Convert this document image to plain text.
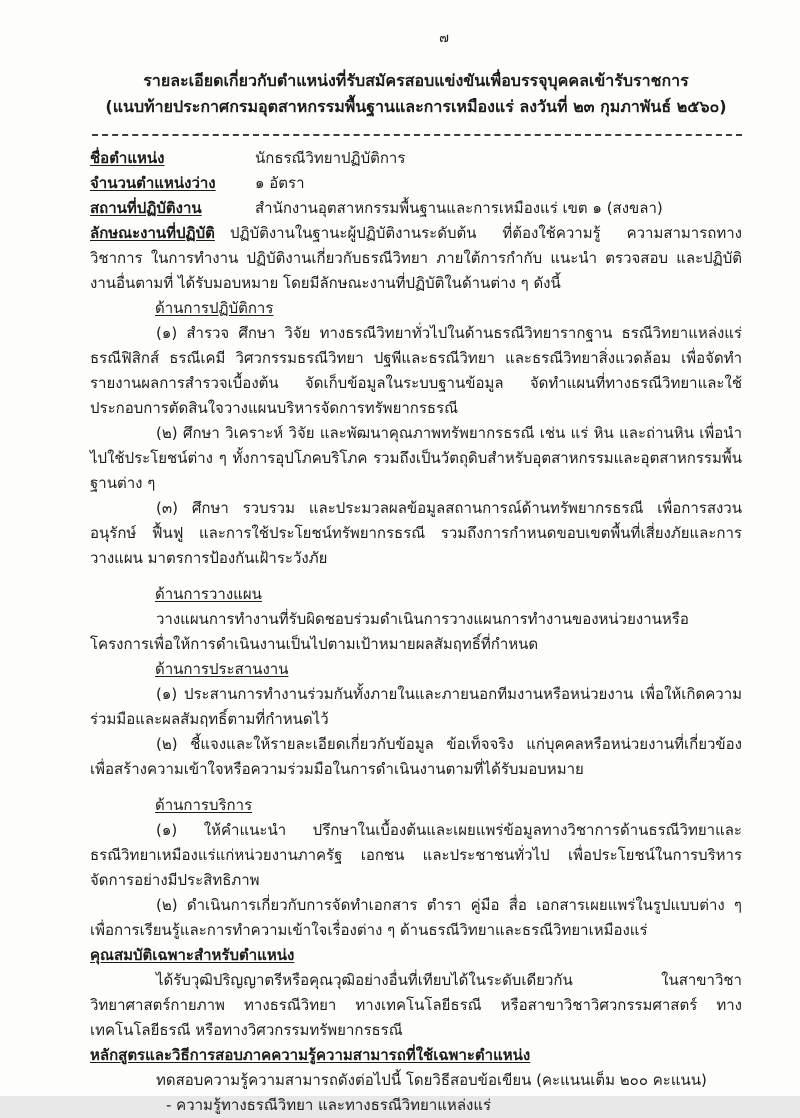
๗

รายละเอียดเกี่ยวกับตำแหน่งที่รับสมัครสอบแข่งขันเพื่อบรรจุบุคคลเข้ารับราชการ

(แนบท้ายประกาศกรมอุตสาหกรรมพื้นฐานและการเหมืองแร่ ลงวันที่ ๒๓ กุมภาพันธ์ ๒๕๖๐)

ชื่อตำแหน่ง	นักธรณีวิทยาปฏิบัติการ
จำนวนตำแหน่งว่าง	๑ อัตรา
สถานที่ปฏิบัติงาน	สำนักงานอุตสาหกรรมพื้นฐานและการเหมืองแร่ เขต ๑ (สงขลา)

ลักษณะงานที่ปฏิบัติ ปฏิบัติงานในฐานะผู้ปฏิบัติงานระดับต้น ที่ต้องใช้ความรู้ ความสามารถทางวิชาการ ในการทำงาน ปฏิบัติงานเกี่ยวกับธรณีวิทยา ภายใต้การกำกับ แนะนำ ตรวจสอบ และปฏิบัติงานอื่นตามที่ ได้รับมอบหมาย โดยมีลักษณะงานที่ปฏิบัติในด้านต่าง ๆ ดังนี้

ด้านการปฏิบัติการ

(๑) สำรวจ ศึกษา วิจัย ทางธรณีวิทยาทั่วไปในด้านธรณีวิทยารากฐาน ธรณีวิทยาแหล่งแร่ ธรณีฟิสิกส์ ธรณีเคมี วิศวกรรมธรณีวิทยา ปฐพีและธรณีวิทยา และธรณีวิทยาสิ่งแวดล้อม เพื่อจัดทำรายงานผลการสำรวจเบื้องต้น จัดเก็บข้อมูลในระบบฐานข้อมูล จัดทำแผนที่ทางธรณีวิทยาและใช้ประกอบการตัดสินใจวางแผนบริหารจัดการทรัพยากรธรณี

(๒) ศึกษา วิเคราะห์ วิจัย และพัฒนาคุณภาพทรัพยากรธรณี เช่น แร่ หิน และถ่านหิน เพื่อนำไปใช้ประโยชน์ต่าง ๆ ทั้งการอุปโภคบริโภค รวมถึงเป็นวัตถุดิบสำหรับอุตสาหกรรมและอุตสาหกรรมพื้นฐานต่าง ๆ

(๓) ศึกษา รวบรวม และประมวลผลข้อมูลสถานการณ์ด้านทรัพยากรธรณี เพื่อการสงวน อนุรักษ์ ฟื้นฟู และการใช้ประโยชน์ทรัพยากรธรณี รวมถึงการกำหนดขอบเขตพื้นที่เสี่ยงภัยและการวางแผน มาตรการป้องกันเฝ้าระวังภัย

ด้านการวางแผน

วางแผนการทำงานที่รับผิดชอบร่วมดำเนินการวางแผนการทำงานของหน่วยงานหรือโครงการเพื่อให้การดำเนินงานเป็นไปตามเป้าหมายผลสัมฤทธิ์ที่กำหนด

ด้านการประสานงาน

(๑) ประสานการทำงานร่วมกันทั้งภายในและภายนอกทีมงานหรือหน่วยงาน เพื่อให้เกิดความร่วมมือและผลสัมฤทธิ์ตามที่กำหนดไว้

(๒) ชี้แจงและให้รายละเอียดเกี่ยวกับข้อมูล ข้อเท็จจริง แก่บุคคลหรือหน่วยงานที่เกี่ยวข้อง เพื่อสร้างความเข้าใจหรือความร่วมมือในการดำเนินงานตามที่ได้รับมอบหมาย

ด้านการบริการ

(๑) ให้คำแนะนำ ปรึกษาในเบื้องต้นและเผยแพร่ข้อมูลทางวิชาการด้านธรณีวิทยาและธรณีวิทยาเหมืองแร่แก่หน่วยงานภาครัฐ เอกชน และประชาชนทั่วไป เพื่อประโยชน์ในการบริหารจัดการอย่างมีประสิทธิภาพ

(๒) ดำเนินการเกี่ยวกับการจัดทำเอกสาร ตำรา คู่มือ สื่อ เอกสารเผยแพร่ในรูปแบบต่าง ๆ เพื่อการเรียนรู้และการทำความเข้าใจเรื่องต่าง ๆ ด้านธรณีวิทยาและธรณีวิทยาเหมืองแร่

คุณสมบัติเฉพาะสำหรับตำแหน่ง

ได้รับวุฒิปริญญาตรีหรือคุณวุฒิอย่างอื่นที่เทียบได้ในระดับเดียวกัน ในสาขาวิชาวิทยาศาสตร์กายภาพ ทางธรณีวิทยา ทางเทคโนโลยีธรณี หรือสาขาวิชาวิศวกรรมศาสตร์ ทางเทคโนโลยีธรณี หรือทางวิศวกรรมทรัพยากรธรณี

หลักสูตรและวิธีการสอบภาคความรู้ความสามารถที่ใช้เฉพาะตำแหน่ง

ทดสอบความรู้ความสามารถดังต่อไปนี้ โดยวิธีสอบข้อเขียน (คะแนนเต็ม ๒๐๐ คะแนน)

- ความรู้ทางธรณีวิทยา และทางธรณีวิทยาแหล่งแร่
